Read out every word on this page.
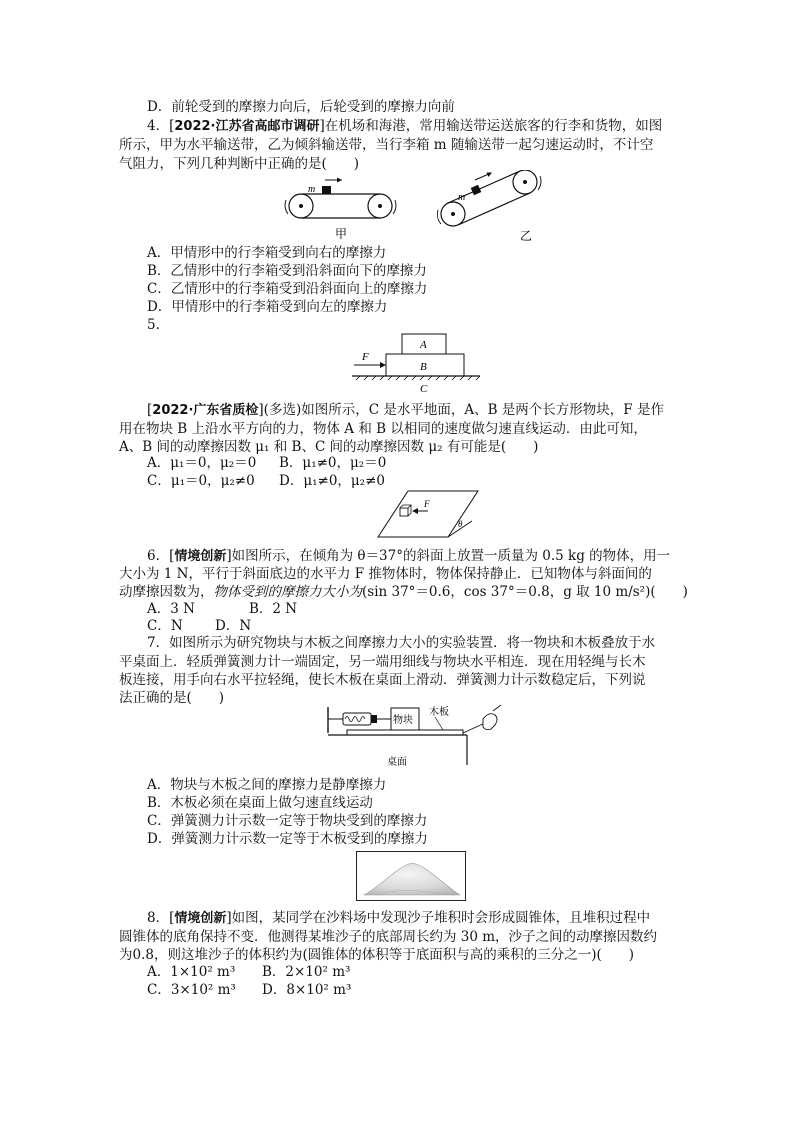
D．前轮受到的摩擦力向后，后轮受到的摩擦力向前
4．[2022·江苏省高邮市调研]在机场和海港，常用输送带运送旅客的行李和货物，如图
所示，甲为水平输送带，乙为倾斜输送带，当行李箱 m 随输送带一起匀速运动时，不计空
气阻力，下列几种判断中正确的是(　　)
m
甲
m
乙
A．甲情形中的行李箱受到向右的摩擦力
B．乙情形中的行李箱受到沿斜面向下的摩擦力
C．乙情形中的行李箱受到沿斜面向上的摩擦力
D．甲情形中的行李箱受到向左的摩擦力
5.
F
A
B
C
[2022·广东省质检](多选)如图所示，C 是水平地面，A、B 是两个长方形物块，F 是作
用在物块 B 上沿水平方向的力，物体 A 和 B 以相同的速度做匀速直线运动．由此可知，
A、B 间的动摩擦因数 μ₁ 和 B、C 间的动摩擦因数 μ₂ 有可能是(　　)
A．μ₁＝0，μ₂＝0 B．μ₁≠0，μ₂＝0
C．μ₁＝0，μ₂≠0 D．μ₁≠0，μ₂≠0
F
θ
6．[情境创新]如图所示，在倾角为 θ＝37°的斜面上放置一质量为 0.5 kg 的物体，用一
大小为 1 N，平行于斜面底边的水平力 F 推物体时，物体保持静止．已知物体与斜面间的
动摩擦因数为，物体受到的摩擦力大小为(sin 37°＝0.6，cos 37°＝0.8，g 取 10 m/s²)(　　)
A．3 N	B．2 N
C．N D．N
7．如图所示为研究物块与木板之间摩擦力大小的实验装置．将一物块和木板叠放于水
平桌面上．轻质弹簧测力计一端固定，另一端用细线与物块水平相连．现在用轻绳与长木
板连接，用手向右水平拉轻绳，使长木板在桌面上滑动．弹簧测力计示数稳定后，下列说
法正确的是(　　)
物块
木板
桌面
A．物块与木板之间的摩擦力是静摩擦力
B．木板必须在桌面上做匀速直线运动
C．弹簧测力计示数一定等于物块受到的摩擦力
D．弹簧测力计示数一定等于木板受到的摩擦力
8．[情境创新]如图，某同学在沙料场中发现沙子堆积时会形成圆锥体，且堆积过程中
圆锥体的底角保持不变．他测得某堆沙子的底部周长约为 30 m，沙子之间的动摩擦因数约
为0.8，则这堆沙子的体积约为(圆锥体的体积等于底面积与高的乘积的三分之一)(　　)
A．1×10² m³ B．2×10² m³
C．3×10² m³ D．8×10² m³
